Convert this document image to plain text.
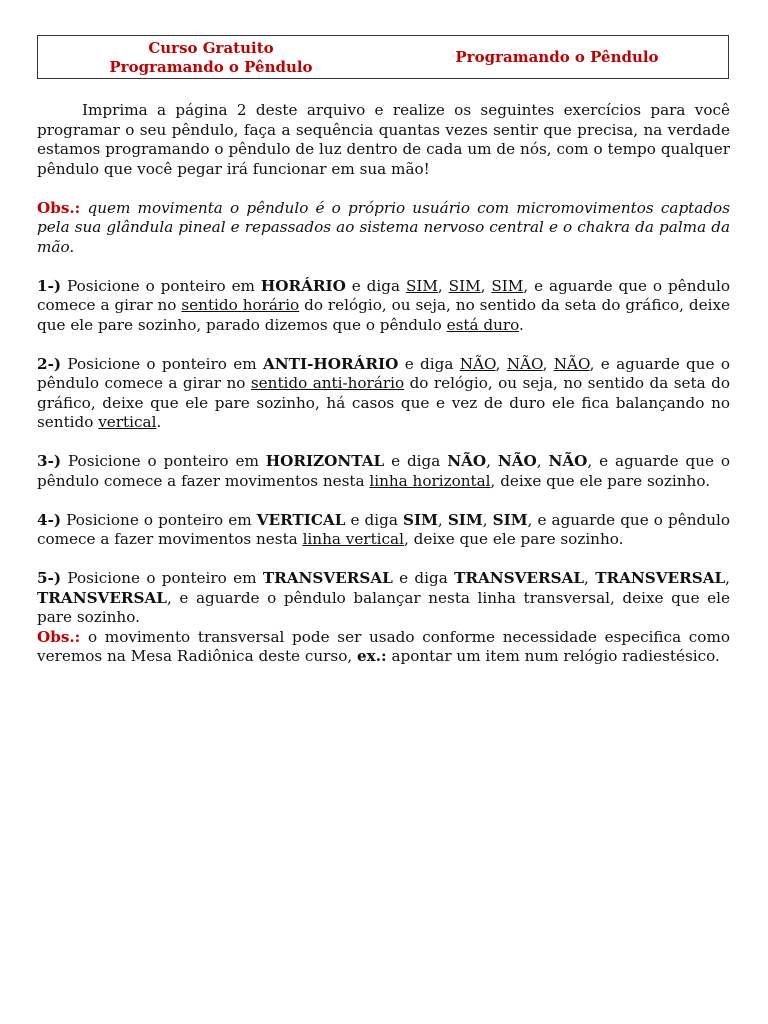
Curso Gratuito
Programando o Pêndulo
Programando o Pêndulo

Imprima a página 2 deste arquivo e realize os seguintes exercícios para você programar o seu pêndulo, faça a sequência quantas vezes sentir que precisa, na verdade estamos programando o pêndulo de luz dentro de cada um de nós, com o tempo qualquer pêndulo que você pegar irá funcionar em sua mão!

Obs.: quem movimenta o pêndulo é o próprio usuário com micromovimentos captados pela sua glândula pineal e repassados ao sistema nervoso central e o chakra da palma da mão.

1-) Posicione o ponteiro em HORÁRIO e diga SIM, SIM, SIM, e aguarde que o pêndulo comece a girar no sentido horário do relógio, ou seja, no sentido da seta do gráfico, deixe que ele pare sozinho, parado dizemos que o pêndulo está duro.

2-) Posicione o ponteiro em ANTI-HORÁRIO e diga NÃO, NÃO, NÃO, e aguarde que o pêndulo comece a girar no sentido anti-horário do relógio, ou seja, no sentido da seta do gráfico, deixe que ele pare sozinho, há casos que e vez de duro ele fica balançando no sentido vertical.

3-) Posicione o ponteiro em HORIZONTAL e diga NÃO, NÃO, NÃO, e aguarde que o pêndulo comece a fazer movimentos nesta linha horizontal, deixe que ele pare sozinho.

4-) Posicione o ponteiro em VERTICAL e diga SIM, SIM, SIM, e aguarde que o pêndulo comece a fazer movimentos nesta linha vertical, deixe que ele pare sozinho.

5-) Posicione o ponteiro em TRANSVERSAL e diga TRANSVERSAL, TRANSVERSAL, TRANSVERSAL, e aguarde o pêndulo balançar nesta linha transversal, deixe que ele pare sozinho.

Obs.: o movimento transversal pode ser usado conforme necessidade especifica como veremos na Mesa Radiônica deste curso, ex.: apontar um item num relógio radiestésico.
